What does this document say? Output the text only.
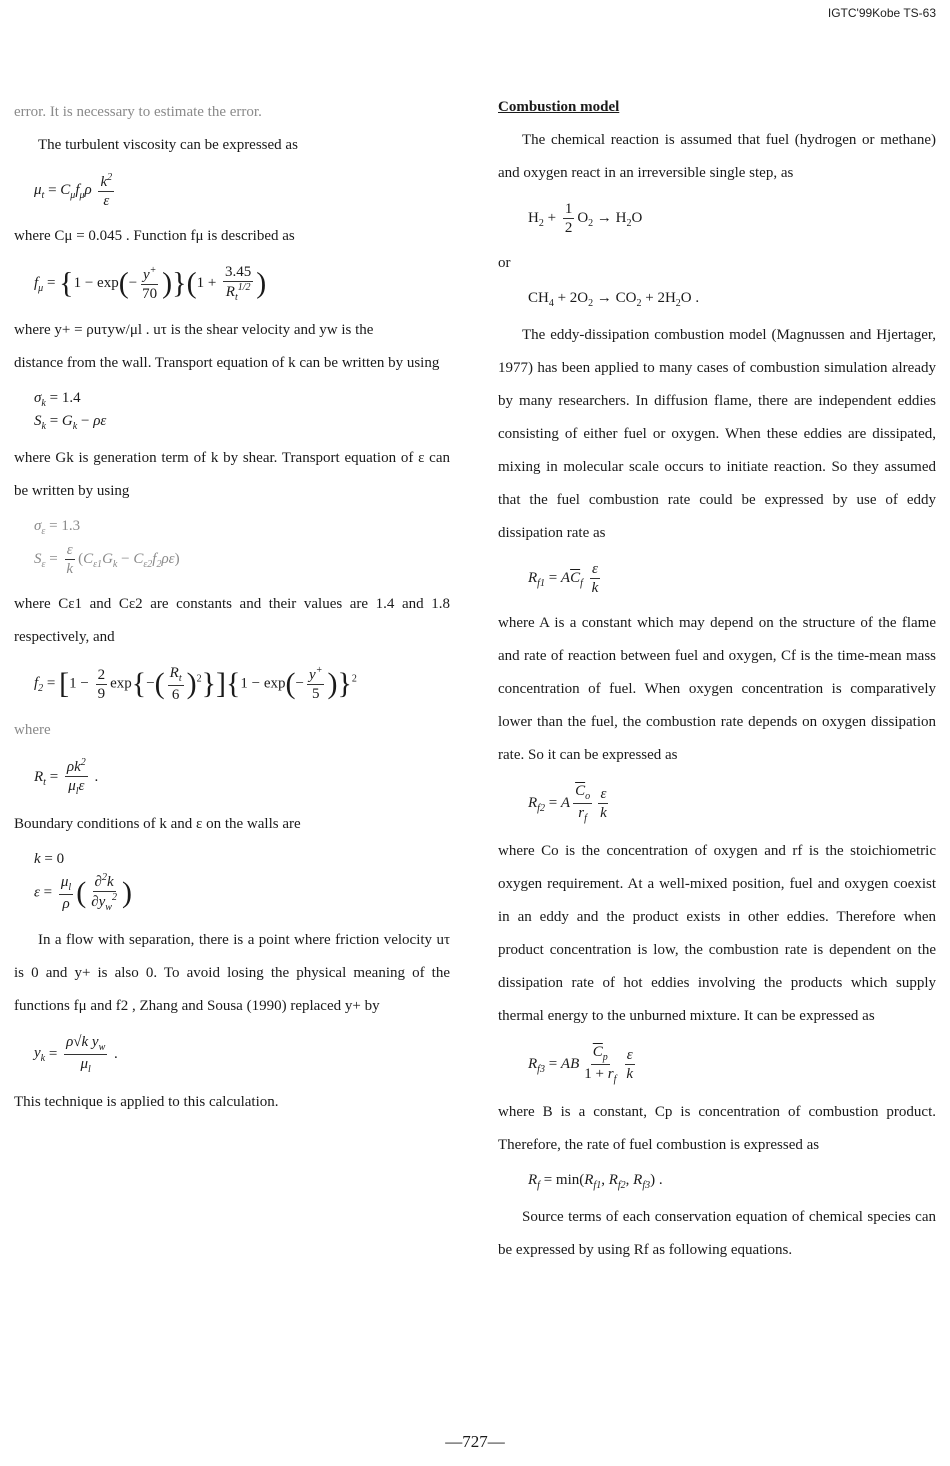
IGTC'99Kobe TS-63

error. It is necessary to estimate the error.

The turbulent viscosity can be expressed as

$\mu_t = C_\mu f_\mu\rho \frac{k^2}{\varepsilon}$

where Cμ = 0.045 . Function fμ is described as

$f_\mu = \{1 - \exp(- \frac{y^+}{70} )\}(1 + \frac{3.45}{R_t^{1/2}}$ )

where y+ = ρuτyw/μl . uτ is the shear velocity and yw is the

distance from the wall. Transport equation of k can be written by using

$\sigma_k = 1.4$
$S_k = G_k - \rho\varepsilon$

where Gk is generation term of k by shear. Transport equation of ε can be written by using

$\sigma_\varepsilon = 1.3$
$S_\varepsilon = \frac{\varepsilon}{k} (C_{\varepsilon 1}G_k - C_{\varepsilon 2}f_2\rho\varepsilon)$

where Cε1 and Cε2 are constants and their values are 1.4 and 1.8 respectively, and

$f_2 = [1 - \frac{2}{9} \exp\{-( \frac{R_t}{6} )^2\}]\{1 - \exp(- \frac{y^+}{5} )\}^2$

where

$R_t$ =
$\rho k^2$
$\mu_l\varepsilon$
.

Boundary conditions of k and ε on the walls are

k = 0
$\varepsilon = \frac{\mu_l}{\rho}$ ( $\frac{\partial^2k}{\partial y_w^2}$ )

In a flow with separation, there is a point where friction velocity uτ is 0 and y+ is also 0. To avoid losing the physical meaning of the functions fμ and f2 , Zhang and Sousa (1990) replaced y+ by

$y_k = \frac{\rho√k y_w}{\mu_l}$ .

This technique is applied to this calculation.

Combustion model

The chemical reaction is assumed that fuel (hydrogen or methane) and oxygen react in an irreversible single step, as

$H_2 + \frac{1}{2} O_2 \to H_2O$

or

$CH_4 + 2O_2 \to CO_2 + 2H_2O$ .

The eddy-dissipation combustion model (Magnussen and Hjertager, 1977) has been applied to many cases of combustion simulation already by many researchers. In diffusion flame, there are independent eddies consisting of either fuel or oxygen. When these eddies are dissipated, mixing in molecular scale occurs to initiate reaction. So they assumed that the fuel combustion rate could be expressed by use of eddy dissipation rate as

$R_{f1} = A\overline{C}_f \frac{\varepsilon}{k}$

where A is a constant which may depend on the structure of the flame and rate of reaction between fuel and oxygen, Cf is the time-mean mass concentration of fuel. When oxygen concentration is comparatively lower than the fuel, the combustion rate depends on oxygen dissipation rate. So it can be expressed as

$R_{f2} = A \frac{\overline{C}_o}{r_f} \frac{\varepsilon}{k}$

where Co is the concentration of oxygen and rf is the stoichiometric oxygen requirement. At a well-mixed position, fuel and oxygen coexist in an eddy and the product exists in other eddies. Therefore when product concentration is low, the combustion rate is dependent on the dissipation rate of hot eddies involving the products which supply thermal energy to the unburned mixture. It can be expressed as

$R_{f3}$ = AB $\frac{\overline{C}_p}{1 + r_f} \frac{\varepsilon}{k}$

where B is a constant, Cp is concentration of combustion product. Therefore, the rate of fuel combustion is expressed as

$R_f = \min(R_{f1}$, $R_{f2}$, $R_{f3}$) .

Source terms of each conservation equation of chemical species can be expressed by using Rf as following equations.

—727—
